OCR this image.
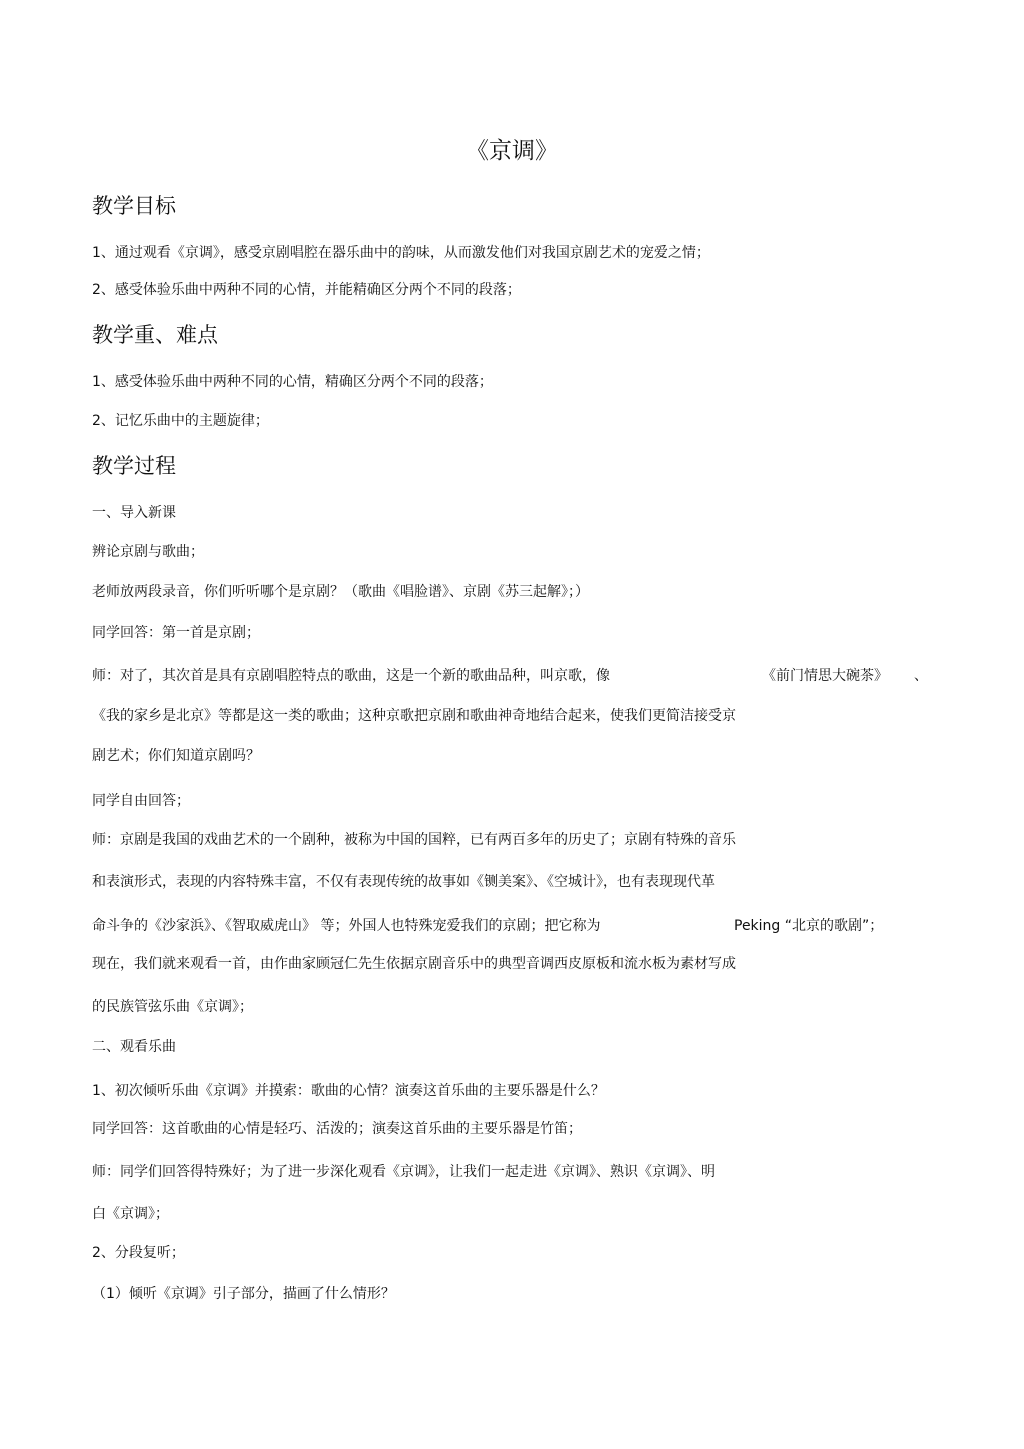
《京调》
教学目标
1、通过观看《京调》，感受京剧唱腔在器乐曲中的韵味，从而激发他们对我国京剧艺术的宠爱之情；
2、感受体验乐曲中两种不同的心情，并能精确区分两个不同的段落；
教学重、难点
1、感受体验乐曲中两种不同的心情，精确区分两个不同的段落；
2、记忆乐曲中的主题旋律；
教学过程
一、导入新课
辨论京剧与歌曲；
老师放两段录音，你们听听哪个是京剧？（歌曲《唱脸谱》、京剧《苏三起解》；）
同学回答：第一首是京剧；
师：对了，其次首是具有京剧唱腔特点的歌曲，这是一个新的歌曲品种，叫京歌，像	《前门情思大碗茶》 、
《我的家乡是北京》等都是这一类的歌曲；这种京歌把京剧和歌曲神奇地结合起来，使我们更简洁接受京
剧艺术；你们知道京剧吗？
同学自由回答；
师：京剧是我国的戏曲艺术的一个剧种，被称为中国的国粹，已有两百多年的历史了；京剧有特殊的音乐
和表演形式，表现的内容特殊丰富，不仅有表现传统的故事如《铡美案》、《空城计》，也有表现现代革
命斗争的《沙家浜》、《智取威虎山》 等；外国人也特殊宠爱我们的京剧；把它称为	Peking “北京的歌剧”；
现在，我们就来观看一首，由作曲家顾冠仁先生依据京剧音乐中的典型音调西皮原板和流水板为素材写成
的民族管弦乐曲《京调》；
二、观看乐曲
1、初次倾听乐曲《京调》并摸索：歌曲的心情？演奏这首乐曲的主要乐器是什么？
同学回答：这首歌曲的心情是轻巧、活泼的；演奏这首乐曲的主要乐器是竹笛；
师：同学们回答得特殊好；为了进一步深化观看《京调》，让我们一起走进《京调》、熟识《京调》、明
白《京调》；
2、分段复听；
（1）倾听《京调》引子部分，描画了什么情形？
